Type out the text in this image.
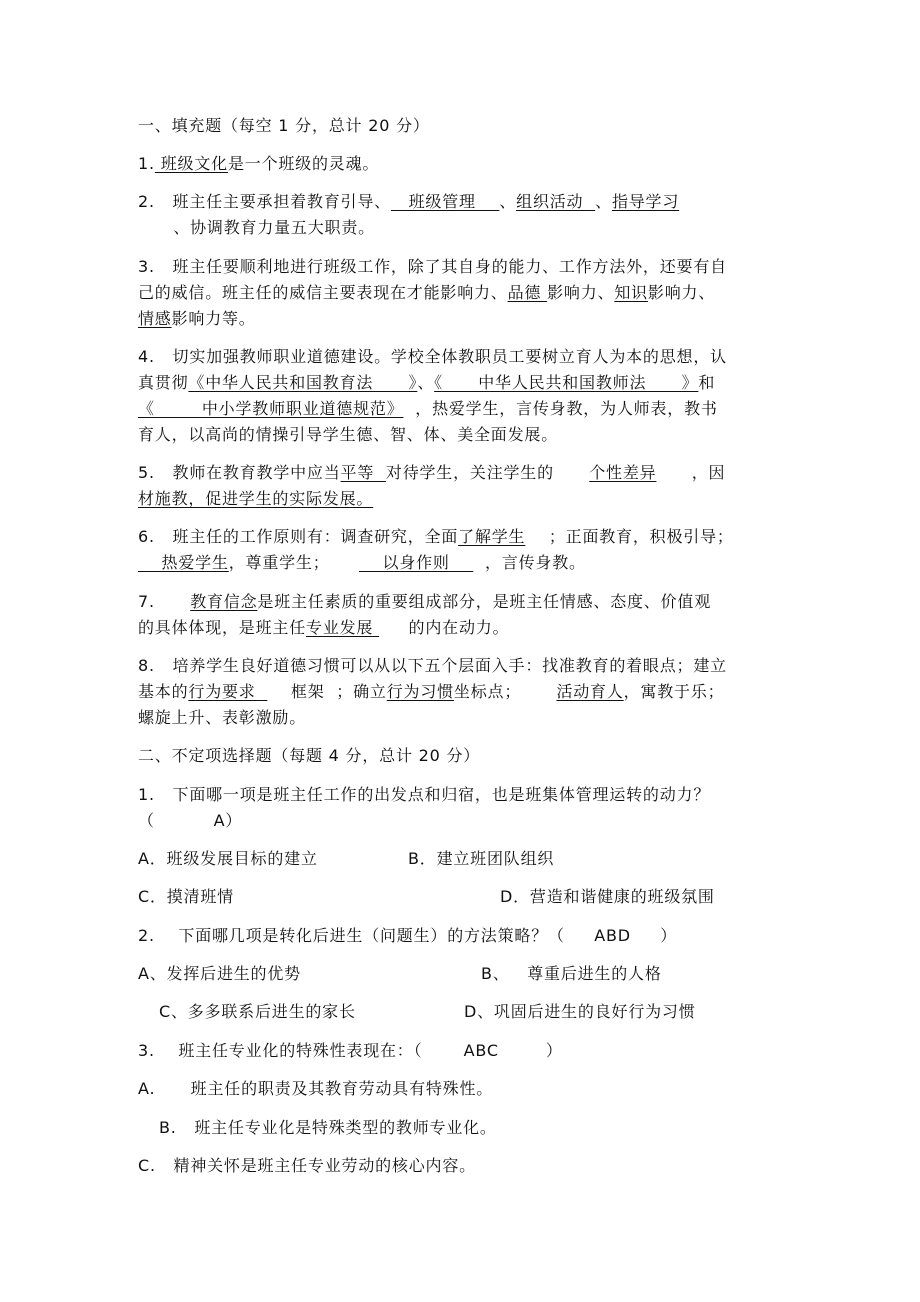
一、填充题（每空 1 分，总计 20 分）
1. 班级文化是一个班级的灵魂。
2.   班主任主要承担着教育引导、   班级管理    、组织活动  、指导学习
、协调教育力量五大职责。
3.   班主任要顺利地进行班级工作，除了其自身的能力、工作方法外，还要有自
己的威信。班主任的威信主要表现在才能影响力、品德 影响力、知识影响力、
情感影响力等。
4.   切实加强教师职业道德建设。学校全体教职员工要树立育人为本的思想，认
真贯彻《中华人民共和国教育法      》、《      中华人民共和国教师法      》和
《        中小学教师职业道德规范》  ，热爱学生，言传身教，为人师表，教书
育人，以高尚的情操引导学生德、智、体、美全面发展。
5.   教师在教育教学中应当平等  对待学生，关注学生的      个性差异      ，因
材施教，促进学生的实际发展。
6.   班主任的工作原则有：调查研究，全面了解学生    ；正面教育，积极引导；
热爱学生，尊重学生；         以身作则      ，言传身教。
7.      教育信念是班主任素质的重要组成部分，是班主任情感、态度、价值观
的具体体现，是班主任专业发展      的内在动力。
8.   培养学生良好道德习惯可以从以下五个层面入手：找准教育的着眼点；建立
基本的行为要求      框架  ；确立行为习惯坐标点；      活动育人，寓教于乐；
螺旋上升、表彰激励。
二、不定项选择题（每题 4 分，总计 20 分）
1.   下面哪一项是班主任工作的出发点和归宿，也是班集体管理运转的动力？
（          A）
A．班级发展目标的建立	B．建立班团队组织
C．摸清班情	D．营造和谐健康的班级氛围
2.    下面哪几项是转化后进生（问题生）的方法策略？（     ABD     ）
A、发挥后进生的优势	B、   尊重后进生的人格
C、多多联系后进生的家长	D、巩固后进生的良好行为习惯
3.    班主任专业化的特殊性表现在：（       ABC        ）
A.      班主任的职责及其教育劳动具有特殊性。
B.   班主任专业化是特殊类型的教师专业化。
C.   精神关怀是班主任专业劳动的核心内容。
